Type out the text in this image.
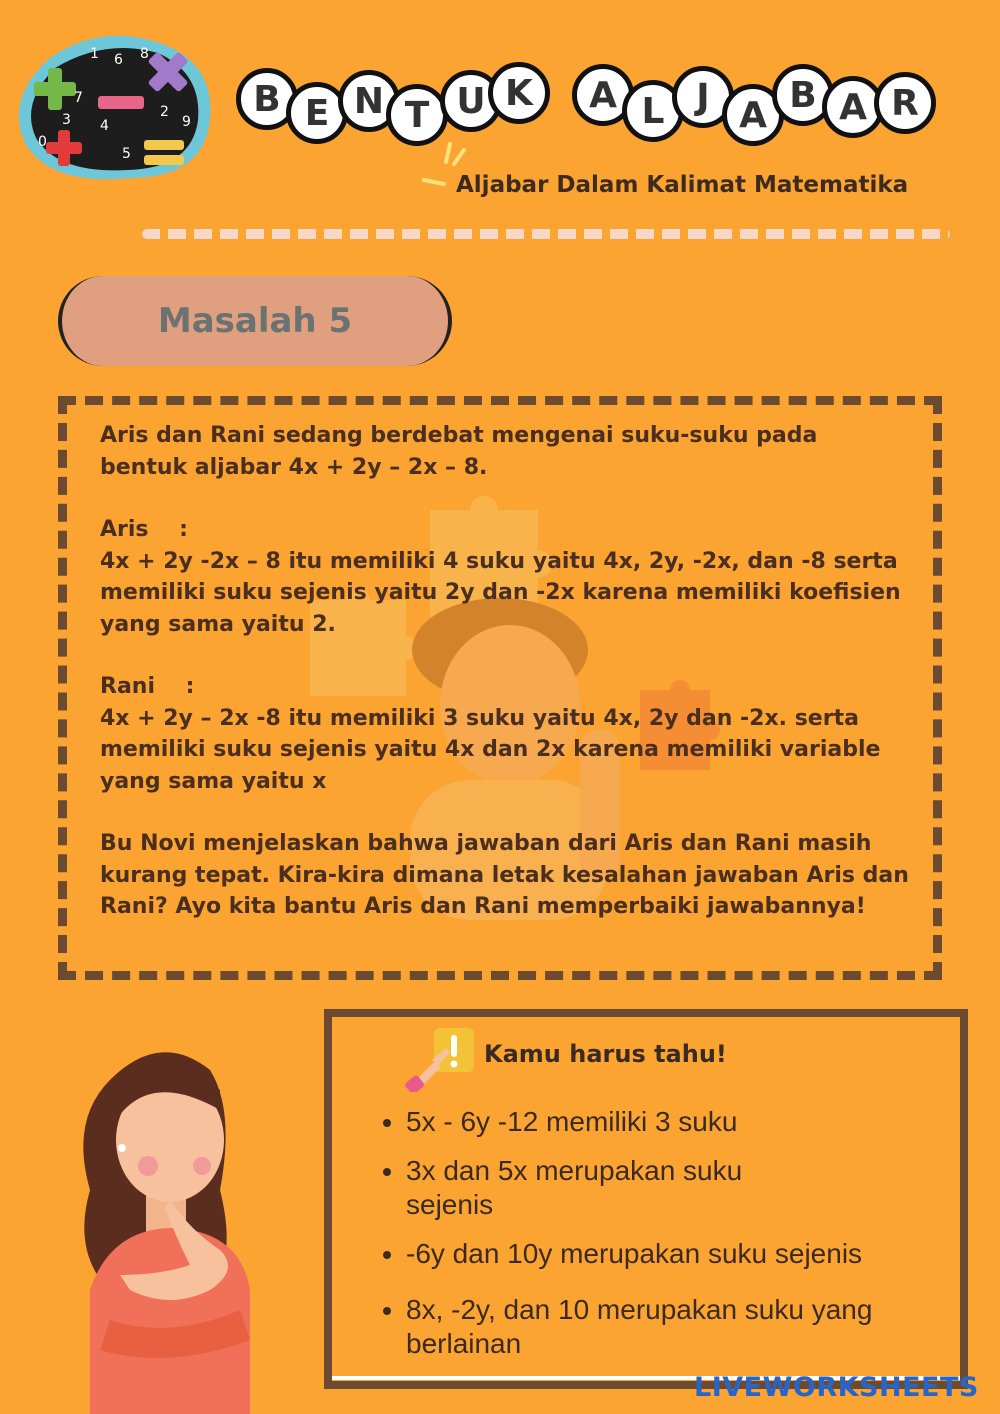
1 6 8
2
9
0
3 4
5
7	B E N T U K	A L J A B A R
Aljabar Dalam Kalimat Matematika
Masalah 5

Aris dan Rani sedang berdebat mengenai suku-suku pada bentuk aljabar 4x + 2y – 2x – 8.

Aris    :

4x + 2y -2x – 8 itu memiliki 4 suku yaitu 4x, 2y, -2x, dan -8 serta memiliki suku sejenis yaitu 2y dan -2x karena memiliki koefisien yang sama yaitu 2.

Rani    :

4x + 2y – 2x -8 itu memiliki 3 suku yaitu 4x, 2y dan -2x. serta memiliki suku sejenis yaitu 4x dan 2x karena memiliki variable yang sama yaitu x

Bu Novi menjelaskan bahwa jawaban dari Aris dan Rani masih kurang tepat. Kira-kira dimana letak kesalahan jawaban Aris dan Rani? Ayo kita bantu Aris dan Rani memperbaiki jawabannya!

Kamu harus tahu!
• 5x - 6y -12 memiliki 3 suku
• 3x dan 5x merupakan suku sejenis
• -6y dan 10y merupakan suku sejenis
• 8x, -2y, dan 10 merupakan suku yang berlainan
LIVEWORKSHEETS
